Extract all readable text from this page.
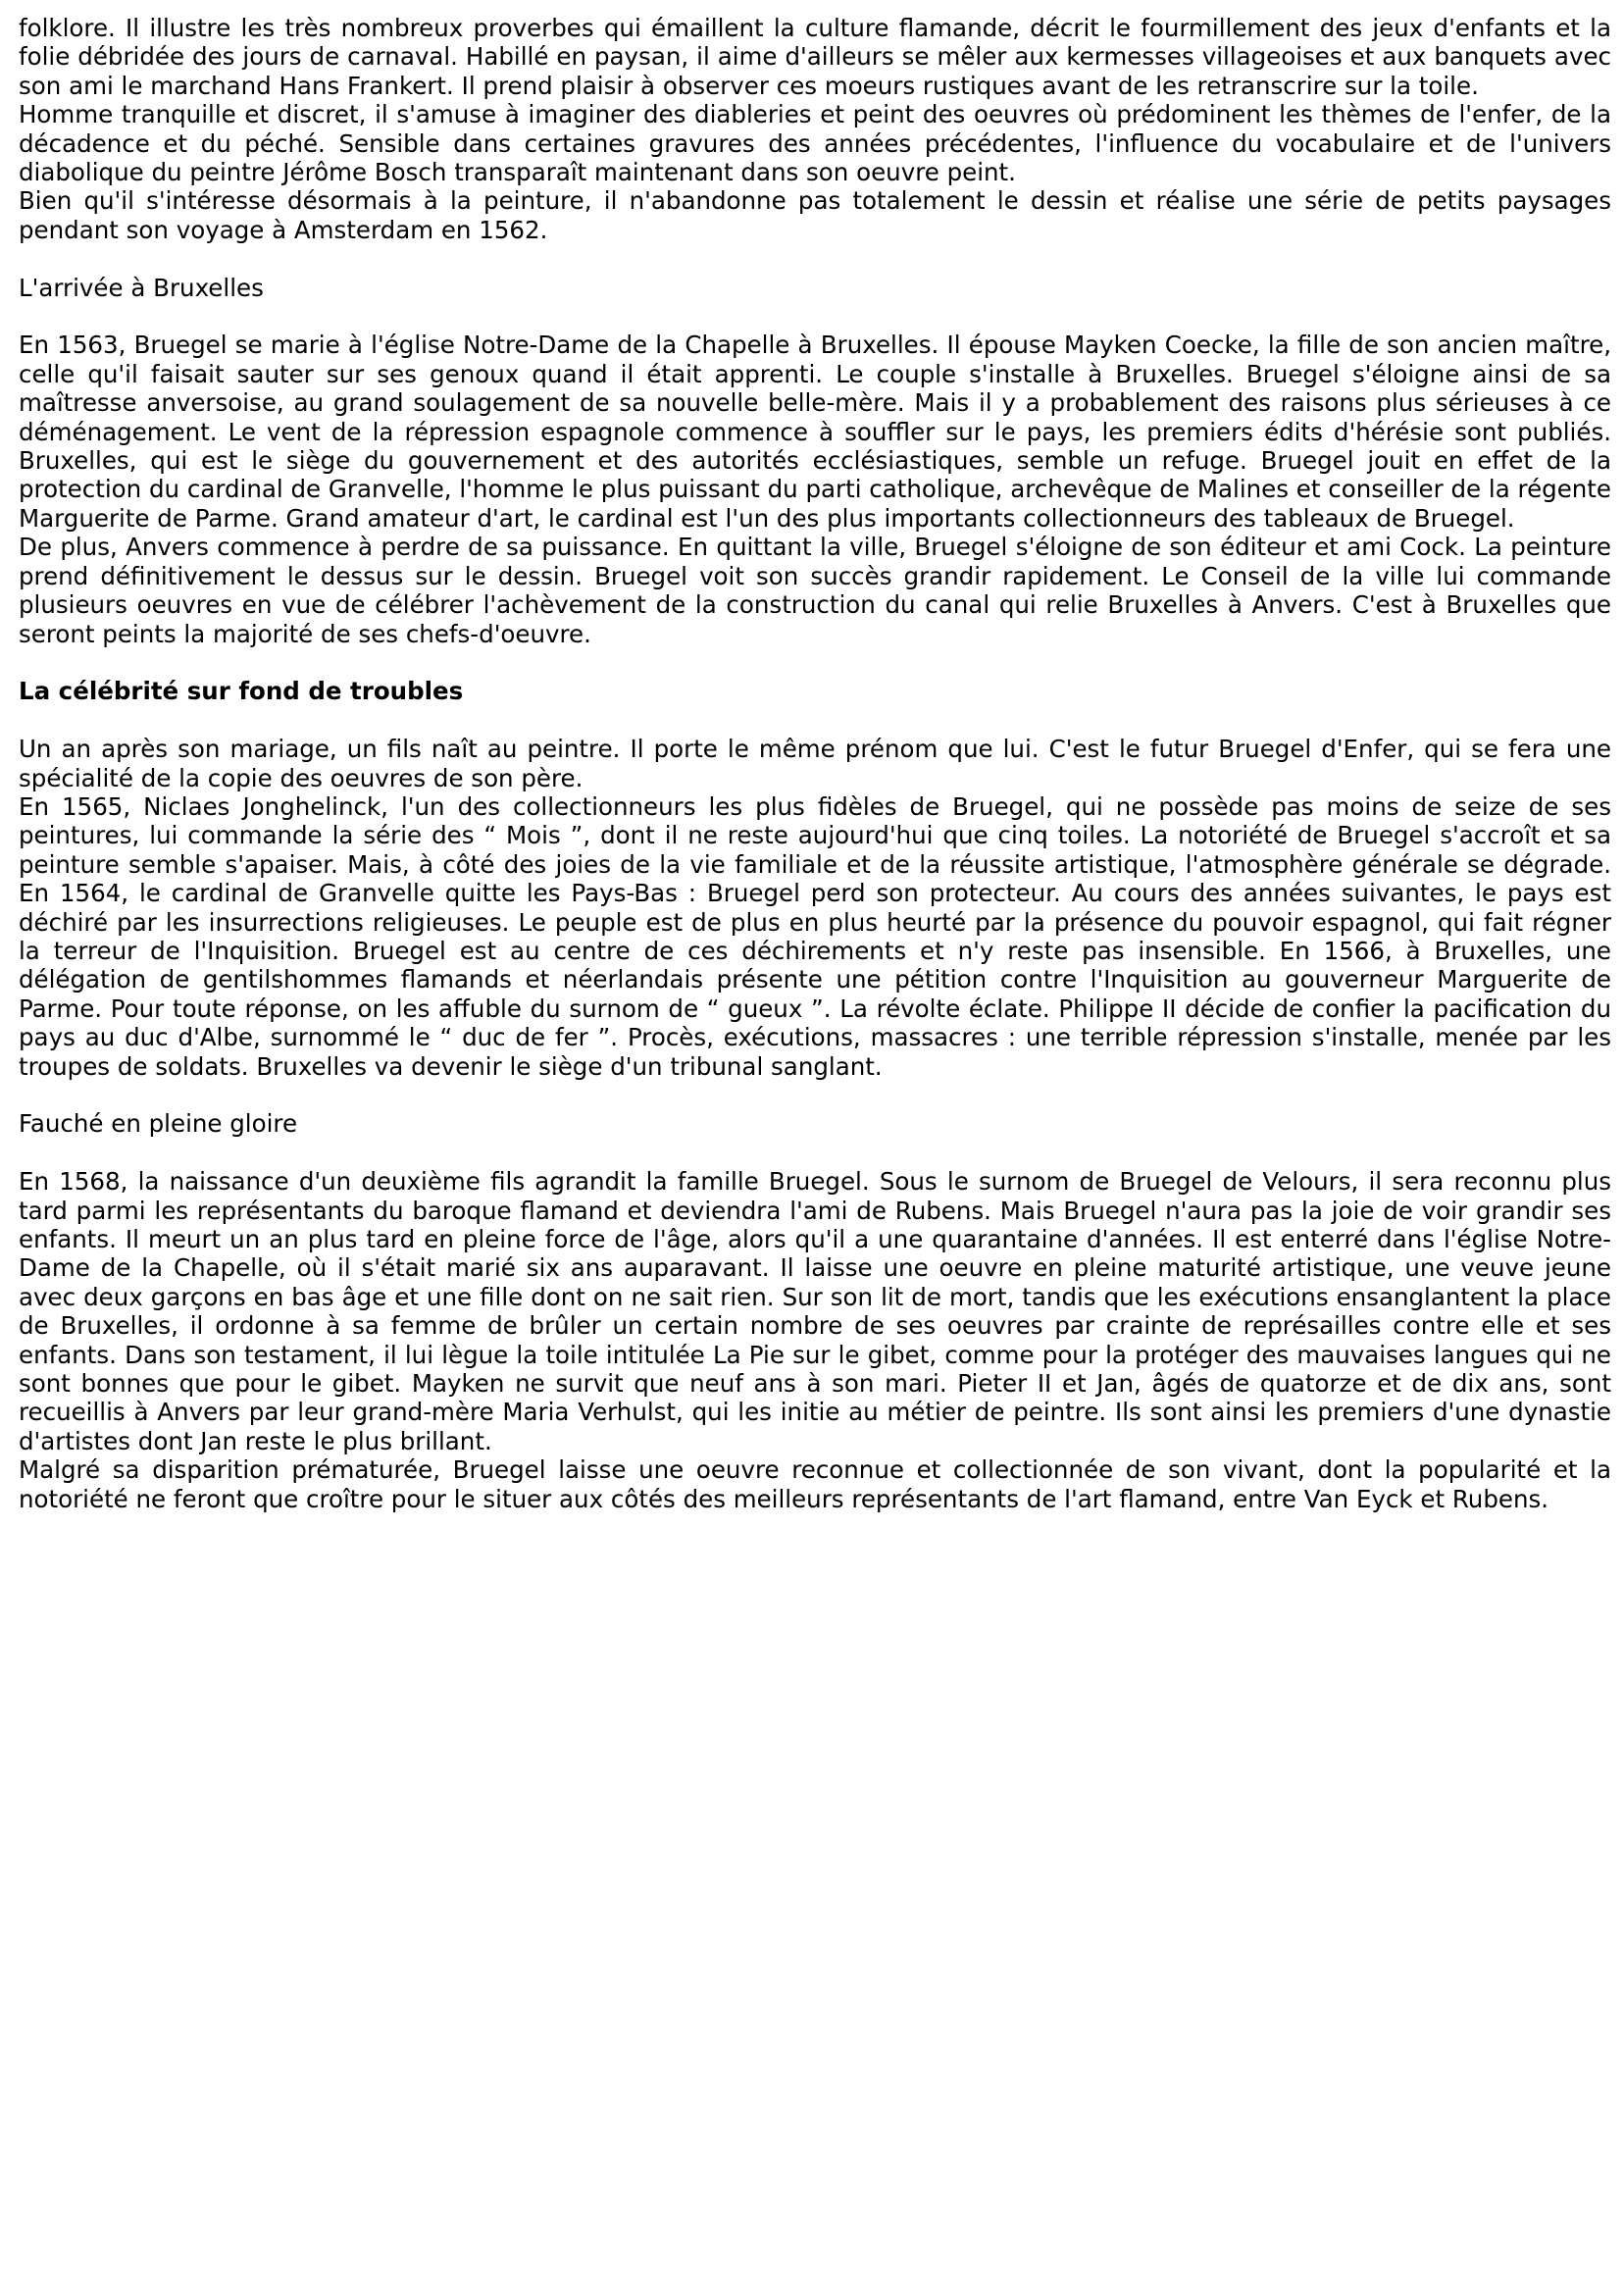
folklore. Il illustre les très nombreux proverbes qui émaillent la culture flamande, décrit le fourmillement des jeux d'enfants et la folie débridée des jours de carnaval. Habillé en paysan, il aime d'ailleurs se mêler aux kermesses villageoises et aux banquets avec son ami le marchand Hans Frankert. Il prend plaisir à observer ces moeurs rustiques avant de les retranscrire sur la toile.

Homme tranquille et discret, il s'amuse à imaginer des diableries et peint des oeuvres où prédominent les thèmes de l'enfer, de la décadence et du péché. Sensible dans certaines gravures des années précédentes, l'influence du vocabulaire et de l'univers diabolique du peintre Jérôme Bosch transparaît maintenant dans son oeuvre peint.

Bien qu'il s'intéresse désormais à la peinture, il n'abandonne pas totalement le dessin et réalise une série de petits paysages pendant son voyage à Amsterdam en 1562.

L'arrivée à Bruxelles

En 1563, Bruegel se marie à l'église Notre-Dame de la Chapelle à Bruxelles. Il épouse Mayken Coecke, la fille de son ancien maître, celle qu'il faisait sauter sur ses genoux quand il était apprenti. Le couple s'installe à Bruxelles. Bruegel s'éloigne ainsi de sa maîtresse anversoise, au grand soulagement de sa nouvelle belle-mère. Mais il y a probablement des raisons plus sérieuses à ce déménagement. Le vent de la répression espagnole commence à souffler sur le pays, les premiers édits d'hérésie sont publiés. Bruxelles, qui est le siège du gouvernement et des autorités ecclésiastiques, semble un refuge. Bruegel jouit en effet de la protection du cardinal de Granvelle, l'homme le plus puissant du parti catholique, archevêque de Malines et conseiller de la régente Marguerite de Parme. Grand amateur d'art, le cardinal est l'un des plus importants collectionneurs des tableaux de Bruegel.

De plus, Anvers commence à perdre de sa puissance. En quittant la ville, Bruegel s'éloigne de son éditeur et ami Cock. La peinture prend définitivement le dessus sur le dessin. Bruegel voit son succès grandir rapidement. Le Conseil de la ville lui commande plusieurs oeuvres en vue de célébrer l'achèvement de la construction du canal qui relie Bruxelles à Anvers. C'est à Bruxelles que seront peints la majorité de ses chefs-d'oeuvre.

La célébrité sur fond de troubles

Un an après son mariage, un fils naît au peintre. Il porte le même prénom que lui. C'est le futur Bruegel d'Enfer, qui se fera une spécialité de la copie des oeuvres de son père.

En 1565, Niclaes Jonghelinck, l'un des collectionneurs les plus fidèles de Bruegel, qui ne possède pas moins de seize de ses peintures, lui commande la série des “ Mois ”, dont il ne reste aujourd'hui que cinq toiles. La notoriété de Bruegel s'accroît et sa peinture semble s'apaiser. Mais, à côté des joies de la vie familiale et de la réussite artistique, l'atmosphère générale se dégrade. En 1564, le cardinal de Granvelle quitte les Pays-Bas : Bruegel perd son protecteur. Au cours des années suivantes, le pays est déchiré par les insurrections religieuses. Le peuple est de plus en plus heurté par la présence du pouvoir espagnol, qui fait régner la terreur de l'Inquisition. Bruegel est au centre de ces déchirements et n'y reste pas insensible. En 1566, à Bruxelles, une délégation de gentilshommes flamands et néerlandais présente une pétition contre l'Inquisition au gouverneur Marguerite de Parme. Pour toute réponse, on les affuble du surnom de “ gueux ”. La révolte éclate. Philippe II décide de confier la pacification du pays au duc d'Albe, surnommé le “ duc de fer ”. Procès, exécutions, massacres : une terrible répression s'installe, menée par les troupes de soldats. Bruxelles va devenir le siège d'un tribunal sanglant.

Fauché en pleine gloire

En 1568, la naissance d'un deuxième fils agrandit la famille Bruegel. Sous le surnom de Bruegel de Velours, il sera reconnu plus tard parmi les représentants du baroque flamand et deviendra l'ami de Rubens. Mais Bruegel n'aura pas la joie de voir grandir ses enfants. Il meurt un an plus tard en pleine force de l'âge, alors qu'il a une quarantaine d'années. Il est enterré dans l'église Notre-Dame de la Chapelle, où il s'était marié six ans auparavant. Il laisse une oeuvre en pleine maturité artistique, une veuve jeune avec deux garçons en bas âge et une fille dont on ne sait rien. Sur son lit de mort, tandis que les exécutions ensanglantent la place de Bruxelles, il ordonne à sa femme de brûler un certain nombre de ses oeuvres par crainte de représailles contre elle et ses enfants. Dans son testament, il lui lègue la toile intitulée La Pie sur le gibet, comme pour la protéger des mauvaises langues qui ne sont bonnes que pour le gibet. Mayken ne survit que neuf ans à son mari. Pieter II et Jan, âgés de quatorze et de dix ans, sont recueillis à Anvers par leur grand-mère Maria Verhulst, qui les initie au métier de peintre. Ils sont ainsi les premiers d'une dynastie d'artistes dont Jan reste le plus brillant.

Malgré sa disparition prématurée, Bruegel laisse une oeuvre reconnue et collectionnée de son vivant, dont la popularité et la notoriété ne feront que croître pour le situer aux côtés des meilleurs représentants de l'art flamand, entre Van Eyck et Rubens.
